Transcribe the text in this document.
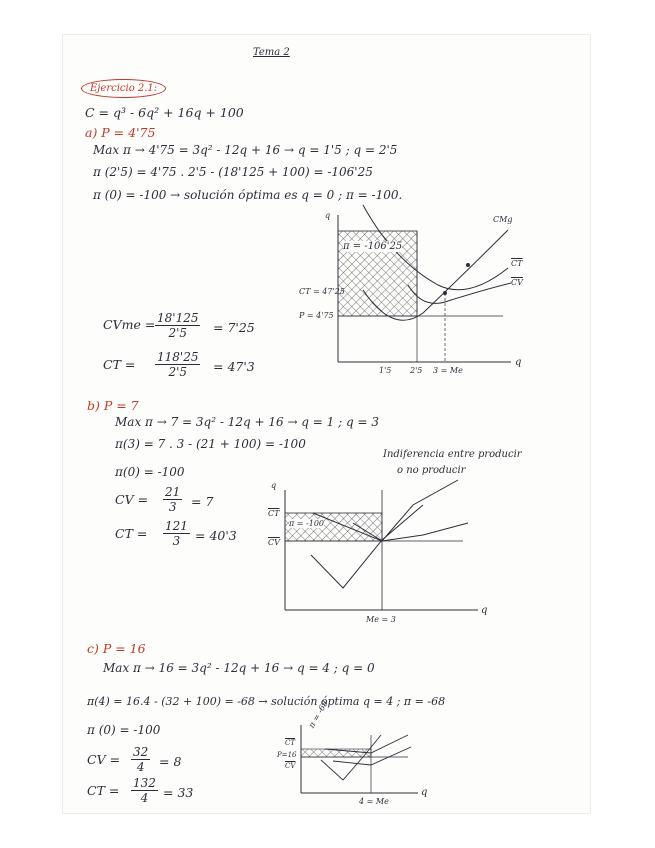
Tema 2
Ejercicio 2.1:
C = q³ - 6q² + 16q + 100
a) P = 4'75
Max π → 4'75 = 3q² - 12q + 16 → q = 1'5 ; q = 2'5
π (2'5) = 4'75 . 2'5 - (18'125 + 100) = -106'25
π (0) = -100 → solución óptima es q = 0 ; π = -100.
CVme = $\frac{18'125}{2'5} = 7'25$
CT = $\frac{118'25}{2'5} = 47'3$
q
π = -106'25
CMg
$\overline{CT}$
$\overline{CV}$
CT = 47'25
P = 4'75
1'5 2'5 3 = Me
q
b) P = 7
Max π → 7 = 3q² - 12q + 16 → q = 1 ; q = 3
π(3) = 7 . 3 - (21 + 100) = -100
Indiferencia entre producir
o no producir
π(0) = -100
CV = $\frac{21}{3} = 7$
CT = $\frac{121}{3} = 40'3$
q
π = -100
$\overline{CT}$
$\overline{CV}$
Me = 3
q
c) P = 16
Max π → 16 = 3q² - 12q + 16 → q = 4 ; q = 0
π(4) = 16.4 - (32 + 100) = -68 → solución óptima q = 4 ; π = -68
π (0) = -100
CV = $\frac{32}{4} = 8$
CT = $\frac{132}{4} = 33$
π = -68
$\overline{CT}$
P=16
$\overline{CV}$
4 = Me
q
